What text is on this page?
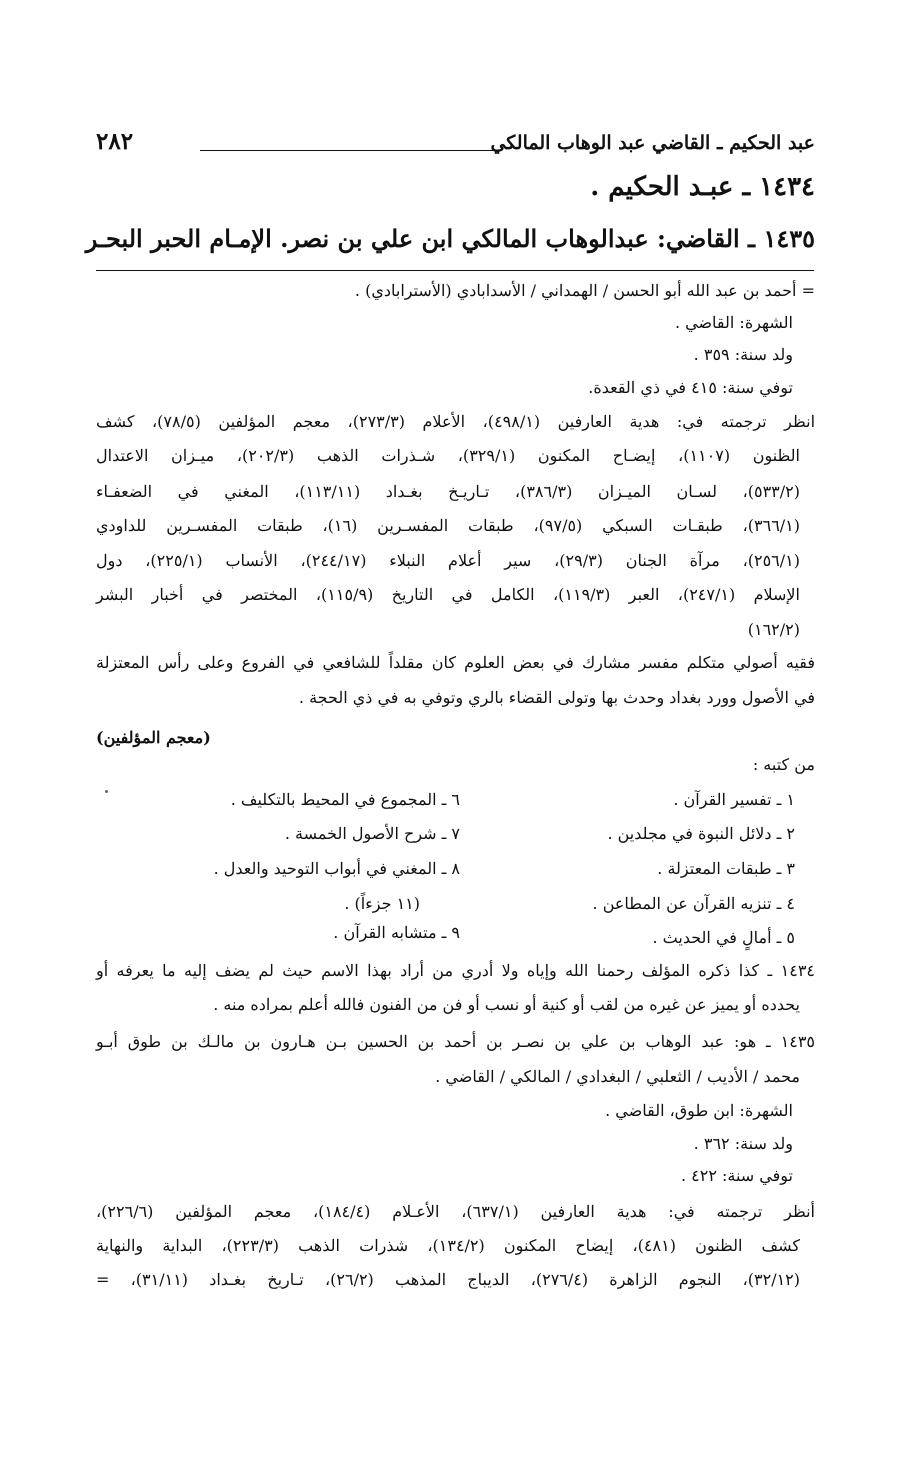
عبد الحكيم ـ القاضي عبد الوهاب المالكي
٢٨٢
١٤٣٤ ـ عبـد الحكيم .
١٤٣٥ ـ القاضي: عبدالوهاب المالكي ابن علي بن نصر. الإمـام الحبر البحـر
= أحمد بن عبد الله أبو الحسن / الهمداني / الأسدابادي (الأسترابادي) .
الشهرة: القاضي .
ولد سنة: ٣٥٩ .
توفي سنة: ٤١٥ في ذي القعدة.
انظر ترجمته في: هدية العارفين (٤٩٨/١)، الأعلام (٢٧٣/٣)، معجم المؤلفين (٧٨/٥)، كشف
الظنون (١١٠٧)، إيضـاح المكنون (٣٢٩/١)، شـذرات الذهب (٢٠٢/٣)، ميـزان الاعتدال
(٥٣٣/٢)، لسـان الميـزان (٣٨٦/٣)، تـاريـخ بغـداد (١١٣/١١)، المغني في الضعفـاء
(٣٦٦/١)، طبقـات السبكي (٩٧/٥)، طبقات المفسـرين (١٦)، طبقات المفسـرين للداودي
(٢٥٦/١)، مرآة الجنان (٢٩/٣)، سير أعلام النبلاء (٢٤٤/١٧)، الأنساب (٢٢٥/١)، دول
الإسلام (٢٤٧/١)، العبر (١١٩/٣)، الكامل في التاريخ (١١٥/٩)، المختصر في أخبار البشر
(١٦٢/٢)
فقيه أصولي متكلم مفسر مشارك في بعض العلوم كان مقلداً للشافعي في الفروع وعلى رأس المعتزلة
في الأصول وورد بغداد وحدث بها وتولى القضاء بالري وتوفي به في ذي الحجة .
(معجم المؤلفين)
من كتبه :
١ ـ تفسير القرآن .
٢ ـ دلائل النبوة في مجلدين .
٣ ـ طبقات المعتزلة .
٤ ـ تنزيه القرآن عن المطاعن .
٥ ـ أمالٍ في الحديث .
٦ ـ المجموع في المحيط بالتكليف .
٧ ـ شرح الأصول الخمسة .
٨ ـ المغني في أبواب التوحيد والعدل .
(١١ جزءاً) .
٩ ـ متشابه القرآن .
١٤٣٤ ـ كذا ذكره المؤلف رحمنا الله وإياه ولا أدري من أراد بهذا الاسم حيث لم يضف إليه ما يعرفه أو
يحدده أو يميز عن غيره من لقب أو كنية أو نسب أو فن من الفنون فالله أعلم بمراده منه .
١٤٣٥ ـ هو: عبد الوهاب بن علي بن نصـر بن أحمد بن الحسين بـن هـارون بن مالـك بن طوق أبـو
محمد / الأديب / الثعلبي / البغدادي / المالكي / القاضي .
الشهرة: ابن طوق، القاضي .
ولد سنة: ٣٦٢ .
توفي سنة: ٤٢٢ .
أنظر ترجمته في: هدية العارفين (٦٣٧/١)، الأعـلام (١٨٤/٤)، معجم المؤلفين (٢٢٦/٦)،
كشف الظنون (٤٨١)، إيضاح المكنون (١٣٤/٢)، شذرات الذهب (٢٢٣/٣)، البداية والنهاية
(٣٢/١٢)، النجوم الزاهرة (٢٧٦/٤)، الديباج المذهب (٢٦/٢)، تـاريخ بغـداد (٣١/١١)، =
